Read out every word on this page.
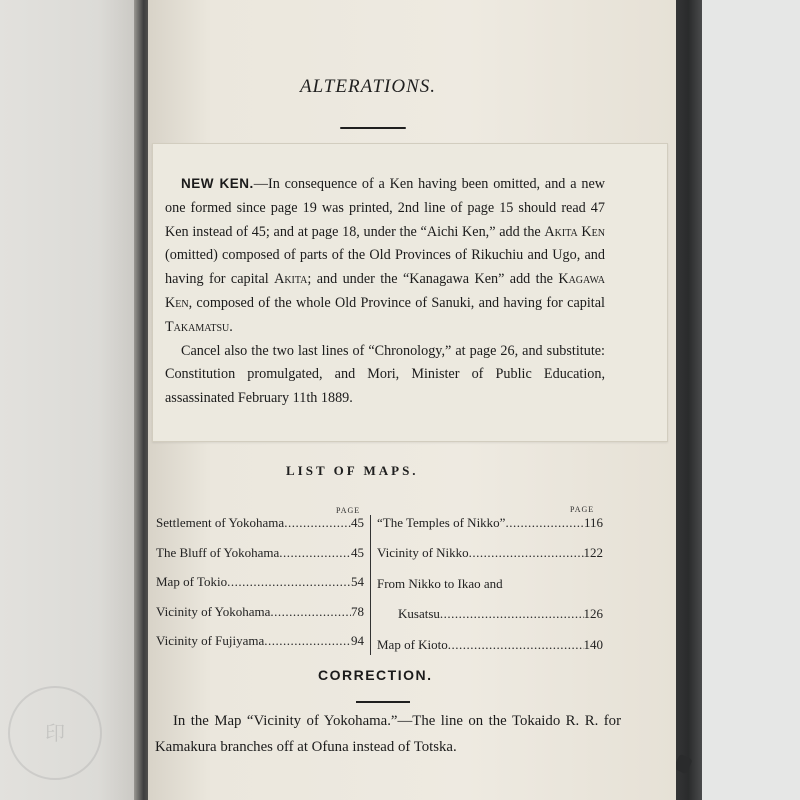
印
ALTERATIONS.

NEW KEN.—In consequence of a Ken having been omitted, and a new one formed since page 19 was printed, 2nd line of page 15 should read 47 Ken instead of 45; and at page 18, under the “Aichi Ken,” add the Akita Ken (omitted) composed of parts of the Old Provinces of Rikuchiu and Ugo, and having for capital Akita; and under the “Kanagawa Ken” add the Kagawa Ken, composed of the whole Old Province of Sanuki, and having for capital Takamatsu.

Cancel also the two last lines of “Chronology,” at page 26, and substitute: Constitution promulgated, and Mori, Minister of Public Education, assassinated February 11th 1889.

LIST OF MAPS.
PAGE	PAGE
Settlement of Yokohama .....	45
The Bluff of Yokohama .....	45
Map of Tokio .....	54
Vicinity of Yokohama .....	78
Vicinity of Fujiyama .....	94
“The Temples of Nikko” .....	116
Vicinity of Nikko .....	122
From Nikko to Ikao and
Kusatsu .....	126
Map of Kioto .....	140
CORRECTION.

In the Map “Vicinity of Yokohama.”—The line on the Tokaido R. R. for Kamakura branches off at Ofuna instead of Totska.
